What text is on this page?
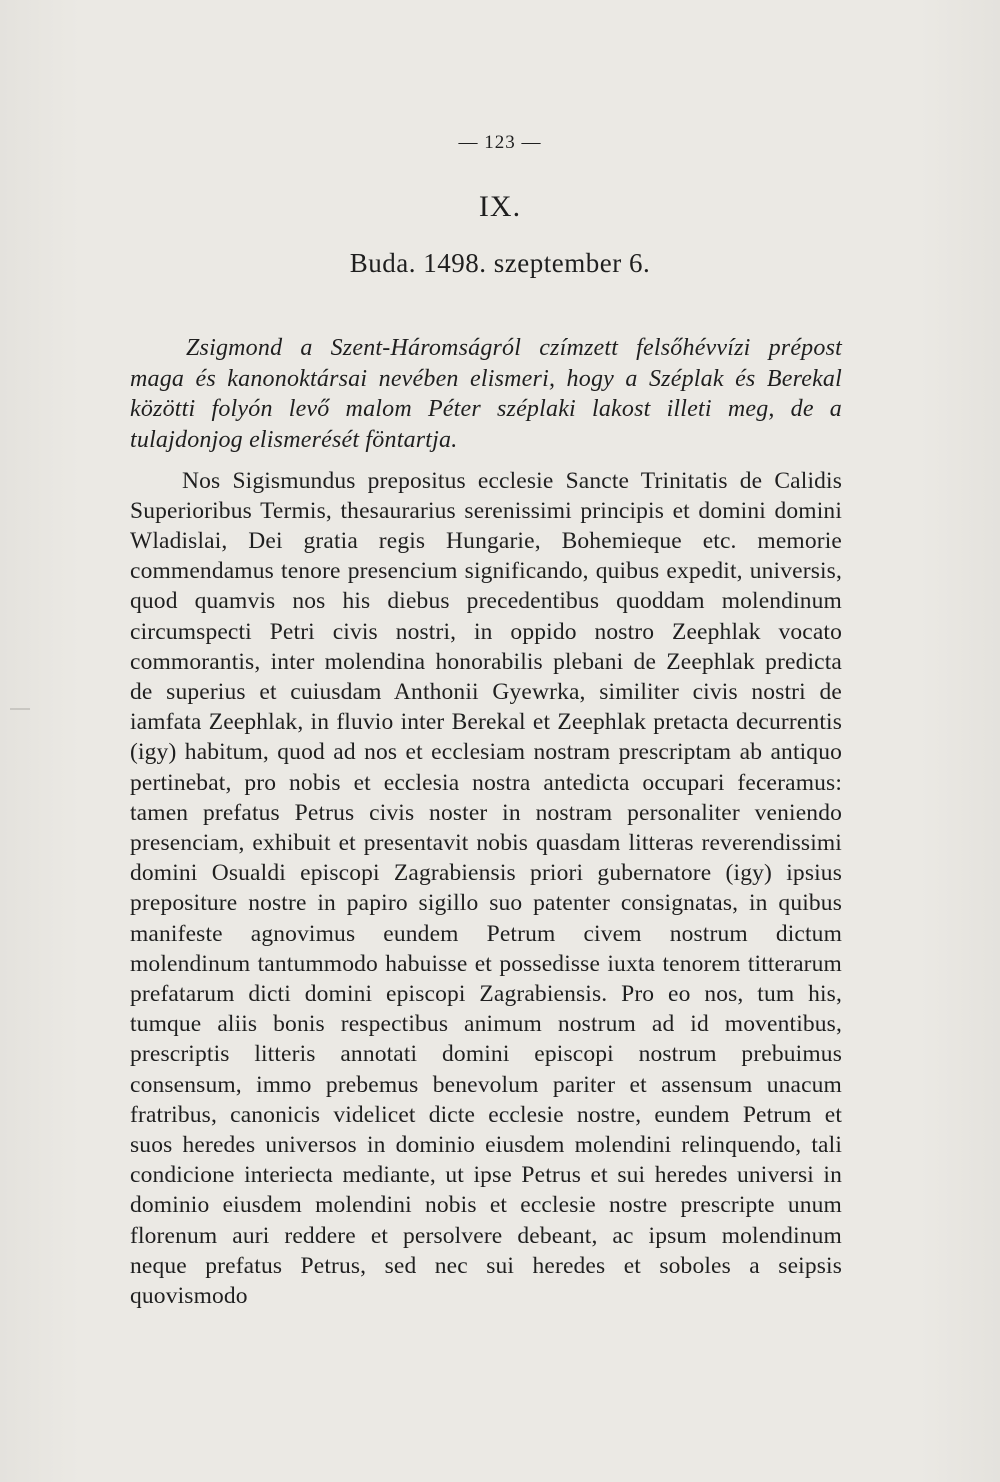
— 123 —
IX.
Buda. 1498. szeptember 6.

Zsigmond a Szent-Háromságról czímzett felsőhévvízi prépost maga és kanonoktársai nevében elismeri, hogy a Széplak és Berekal közötti folyón levő malom Péter széplaki lakost illeti meg, de a tulajdonjog elismerését föntartja.

Nos Sigismundus prepositus ecclesie Sancte Trinitatis de Calidis Superioribus Termis, thesaurarius serenissimi principis et domini domini Wladislai, Dei gratia regis Hungarie, Bohemieque etc. memorie commendamus tenore presencium significando, quibus expedit, universis, quod quamvis nos his diebus precedentibus quoddam molendinum circumspecti Petri civis nostri, in oppido nostro Zeephlak vocato commorantis, inter molendina honorabilis plebani de Zeephlak predicta de superius et cuiusdam Anthonii Gyewrka, similiter civis nostri de iamfata Zeephlak, in fluvio inter Berekal et Zeephlak pretacta decurrentis (igy) habitum, quod ad nos et ecclesiam nostram prescriptam ab antiquo pertinebat, pro nobis et ecclesia nostra antedicta occupari feceramus: tamen prefatus Petrus civis noster in nostram personaliter veniendo presenciam, exhibuit et presentavit nobis quasdam litteras reverendissimi domini Osualdi episcopi Zagrabiensis priori gubernatore (igy) ipsius prepositure nostre in papiro sigillo suo patenter consignatas, in quibus manifeste agnovimus eundem Petrum civem nostrum dictum molendinum tantummodo habuisse et possedisse iuxta tenorem titterarum prefatarum dicti domini episcopi Zagrabiensis. Pro eo nos, tum his, tumque aliis bonis respectibus animum nostrum ad id moventibus, prescriptis litteris annotati domini episcopi nostrum prebuimus consensum, immo prebemus benevolum pariter et assensum unacum fratribus, canonicis videlicet dicte ecclesie nostre, eundem Petrum et suos heredes universos in dominio eiusdem molendini relinquendo, tali condicione interiecta mediante, ut ipse Petrus et sui heredes universi in dominio eiusdem molendini nobis et ecclesie nostre prescripte unum florenum auri reddere et persolvere debeant, ac ipsum molendinum neque prefatus Petrus, sed nec sui heredes et soboles a seipsis quovismodo
